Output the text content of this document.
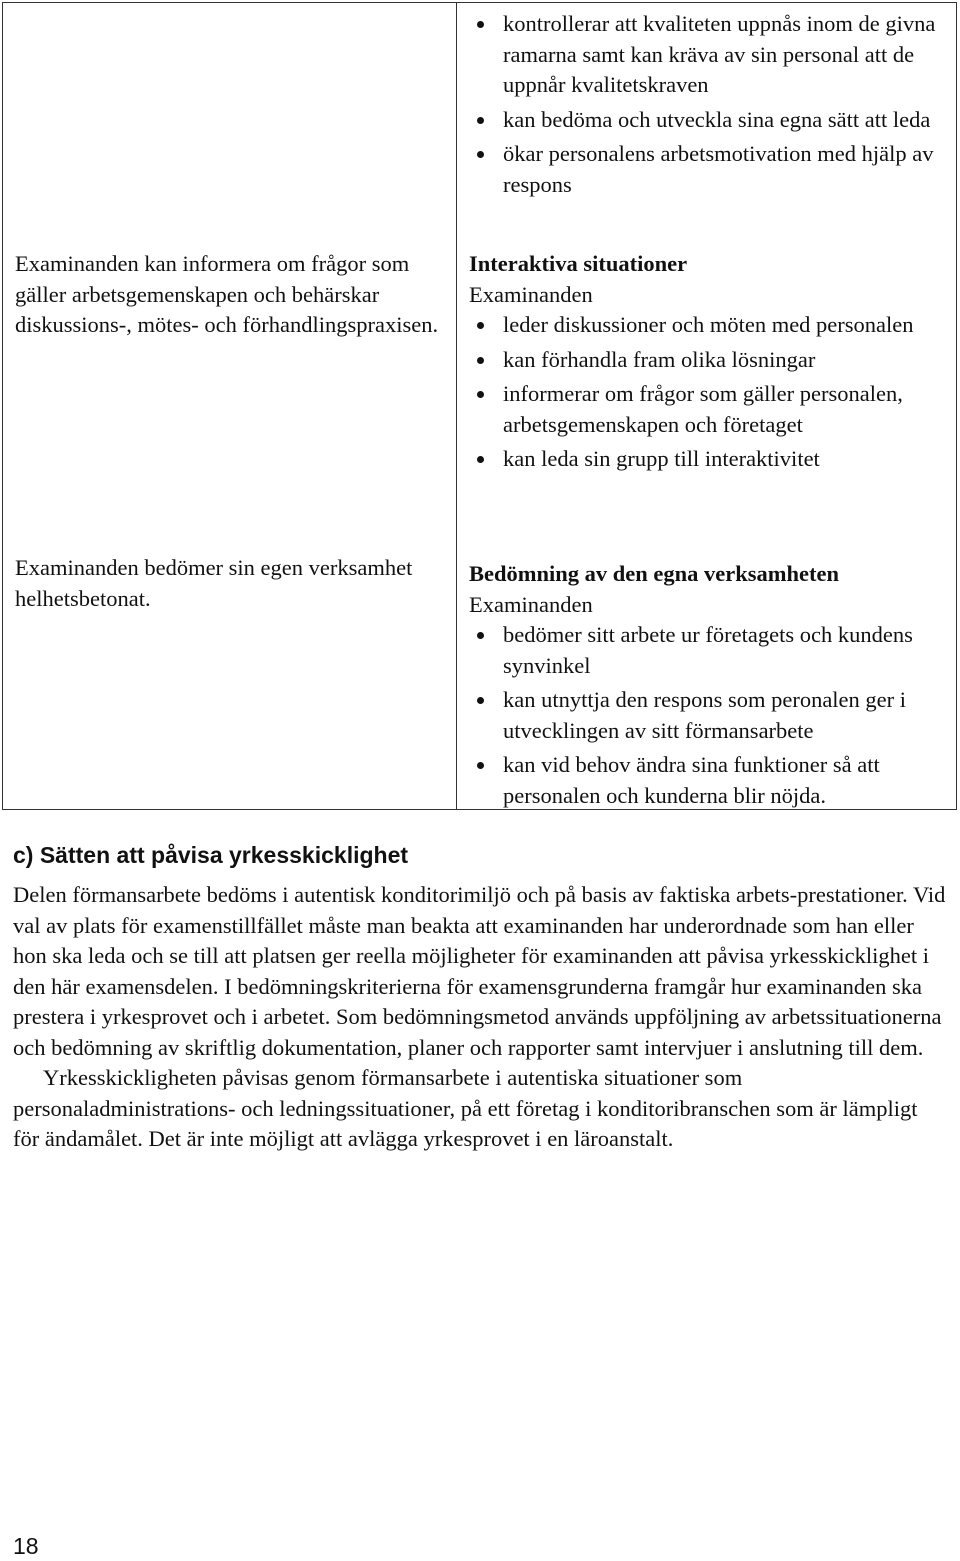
Examinanden kan informera om frågor som gäller arbetsgemenskapen och behärskar diskussions-, mötes- och förhandlingspraxisen.

Examinanden bedömer sin egen verksamhet helhetsbetonat.

kontrollerar att kvaliteten uppnås inom de givna ramarna samt kan kräva av sin personal att de uppnår kvalitetskraven
kan bedöma och utveckla sina egna sätt att leda
ökar personalens arbetsmotivation med hjälp av respons
Interaktiva situationer
Examinanden
leder diskussioner och möten med personalen
kan förhandla fram olika lösningar
informerar om frågor som gäller personalen, arbetsgemenskapen och företaget
kan leda sin grupp till interaktivitet
Bedömning av den egna verksamheten
Examinanden
bedömer sitt arbete ur företagets och kundens synvinkel
kan utnyttja den respons som peronalen ger i utvecklingen av sitt förmansarbete
kan vid behov ändra sina funktioner så att personalen och kunderna blir nöjda.
c) Sätten att påvisa yrkesskicklighet

Delen förmansarbete bedöms i autentisk konditorimiljö och på basis av faktiska arbets-prestationer. Vid val av plats för examenstillfället måste man beakta att examinanden har underordnade som han eller hon ska leda och se till att platsen ger reella möjligheter för examinanden att påvisa yrkesskicklighet i den här examensdelen. I bedömningskriterierna för examensgrunderna framgår hur examinanden ska prestera i yrkesprovet och i arbetet. Som bedömningsmetod används uppföljning av arbetssituationerna och bedömning av skriftlig dokumentation, planer och rapporter samt intervjuer i anslutning till dem.

Yrkesskickligheten påvisas genom förmansarbete i autentiska situationer som personaladministrations- och ledningssituationer, på ett företag i konditoribranschen som är lämpligt för ändamålet. Det är inte möjligt att avlägga yrkesprovet i en läroanstalt.

18
